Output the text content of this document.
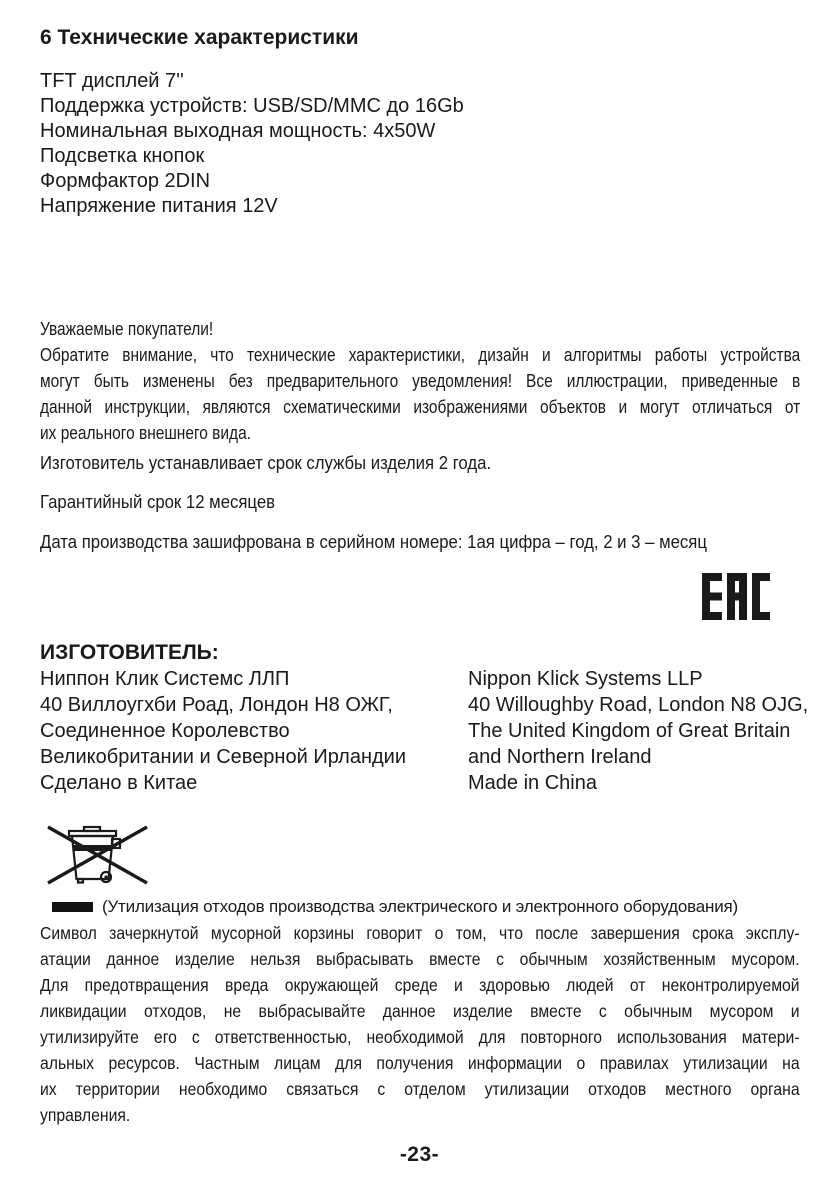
6 Технические характеристики
TFT дисплей 7''
Поддержка устройств: USB/SD/MMC до 16Gb
Номинальная выходная мощность: 4x50W
Подсветка кнопок
Формфактор 2DIN
Напряжение питания 12V
Уважаемые покупатели!
Обратите внимание, что технические характеристики, дизайн и алгоритмы работы устройства
могут быть изменены без предварительного уведомления! Все иллюстрации, приведенные в
данной инструкции, являются схематическими изображениями объектов и могут отличаться от
их реального внешнего вида.
Изготовитель устанавливает срок службы изделия 2 года.
Гарантийный срок 12 месяцев
Дата производства зашифрована в серийном номере: 1ая цифра – год, 2 и 3 – месяц
ИЗГОТОВИТЕЛЬ:
Ниппон Клик Системс ЛЛП
40 Виллоугхби Роад, Лондон Н8 ОЖГ,
Соединенное Королевство
Великобритании и Северной Ирландии
Сделано в Китае
Nippon Klick Systems LLP
40 Willoughby Road, London N8 OJG,
The United Kingdom of Great Britain
and Northern Ireland
Made in China
(Утилизация отходов производства электрического и электронного оборудования)
Символ зачеркнутой мусорной корзины говорит о том, что после завершения срока эксплу-
атации данное изделие нельзя выбрасывать вместе с обычным хозяйственным мусором.
Для предотвращения вреда окружающей среде и здоровью людей от неконтролируемой
ликвидации отходов, не выбрасывайте данное изделие вместе с обычным мусором и
утилизируйте его с ответственностью, необходимой для повторного использования матери-
альных ресурсов. Частным лицам для получения информации о правилах утилизации на
их территории необходимо связаться с отделом утилизации отходов местного органа
управления.
-23-
